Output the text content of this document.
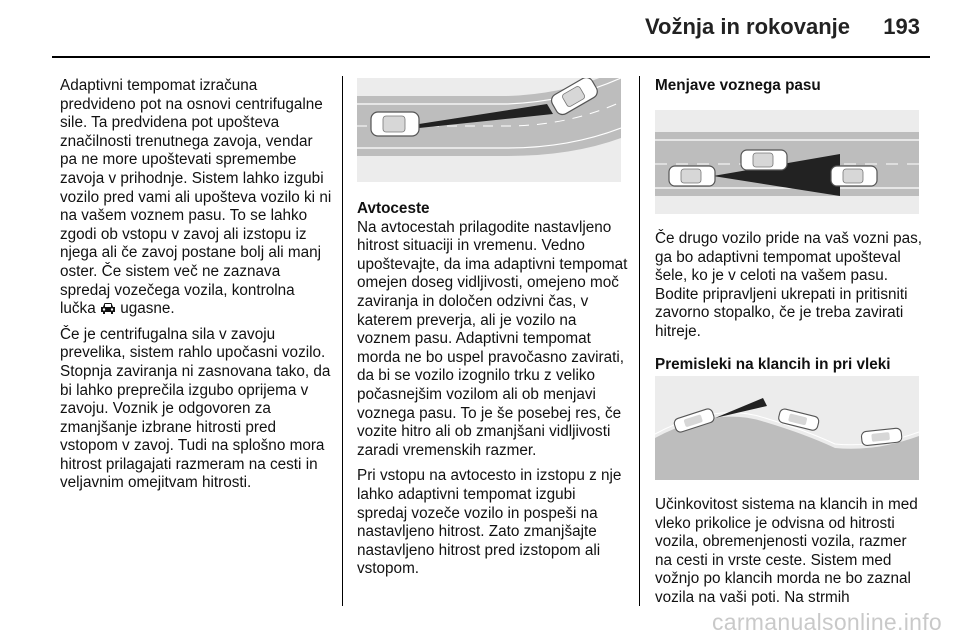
Vožnja in rokovanje 193

Adaptivni tempomat izračuna predvideno pot na osnovi centrifugalne sile. Ta predvidena pot upošteva značilnosti trenutnega zavoja, vendar pa ne more upoštevati spremembe zavoja v prihodnje. Sistem lahko izgubi vozilo pred vami ali upošteva vozilo ki ni na vašem voznem pasu. To se lahko zgodi ob vstopu v zavoj ali izstopu iz njega ali če zavoj postane bolj ali manj oster. Če sistem več ne zaznava spredaj vozečega vozila, kontrolna lučka ugasne.

Če je centrifugalna sila v zavoju prevelika, sistem rahlo upočasni vozilo. Stopnja zaviranja ni zasnovana tako, da bi lahko preprečila izgubo oprijema v zavoju. Voznik je odgovoren za zmanjšanje izbrane hitrosti pred vstopom v zavoj. Tudi na splošno mora hitrost prilagajati razmeram na cesti in veljavnim omejitvam hitrosti.

Avtoceste

Na avtocestah prilagodite nastavljeno hitrost situaciji in vremenu. Vedno upoštevajte, da ima adaptivni tempomat omejen doseg vidljivosti, omejeno moč zaviranja in določen odzivni čas, v katerem preverja, ali je vozilo na voznem pasu. Adaptivni tempomat morda ne bo uspel pravočasno zavirati, da bi se vozilo izognilo trku z veliko počasnejšim vozilom ali ob menjavi voznega pasu. To je še posebej res, če vozite hitro ali ob zmanjšani vidljivosti zaradi vremenskih razmer.

Pri vstopu na avtocesto in izstopu z nje lahko adaptivni tempomat izgubi spredaj vozeče vozilo in pospeši na nastavljeno hitrost. Zato zmanjšajte nastavljeno hitrost pred izstopom ali vstopom.

Menjave voznega pasu

Če drugo vozilo pride na vaš vozni pas, ga bo adaptivni tempomat upošteval šele, ko je v celoti na vašem pasu. Bodite pripravljeni ukrepati in pritisniti zavorno stopalko, če je treba zavirati hitreje.

Premisleki na klancih in pri vleki

Učinkovitost sistema na klancih in med vleko prikolice je odvisna od hitrosti vozila, obremenjenosti vozila, razmer na cesti in vrste ceste. Sistem med vožnjo po klancih morda ne bo zaznal vozila na vaši poti. Na strmih

carmanualsonline.info
